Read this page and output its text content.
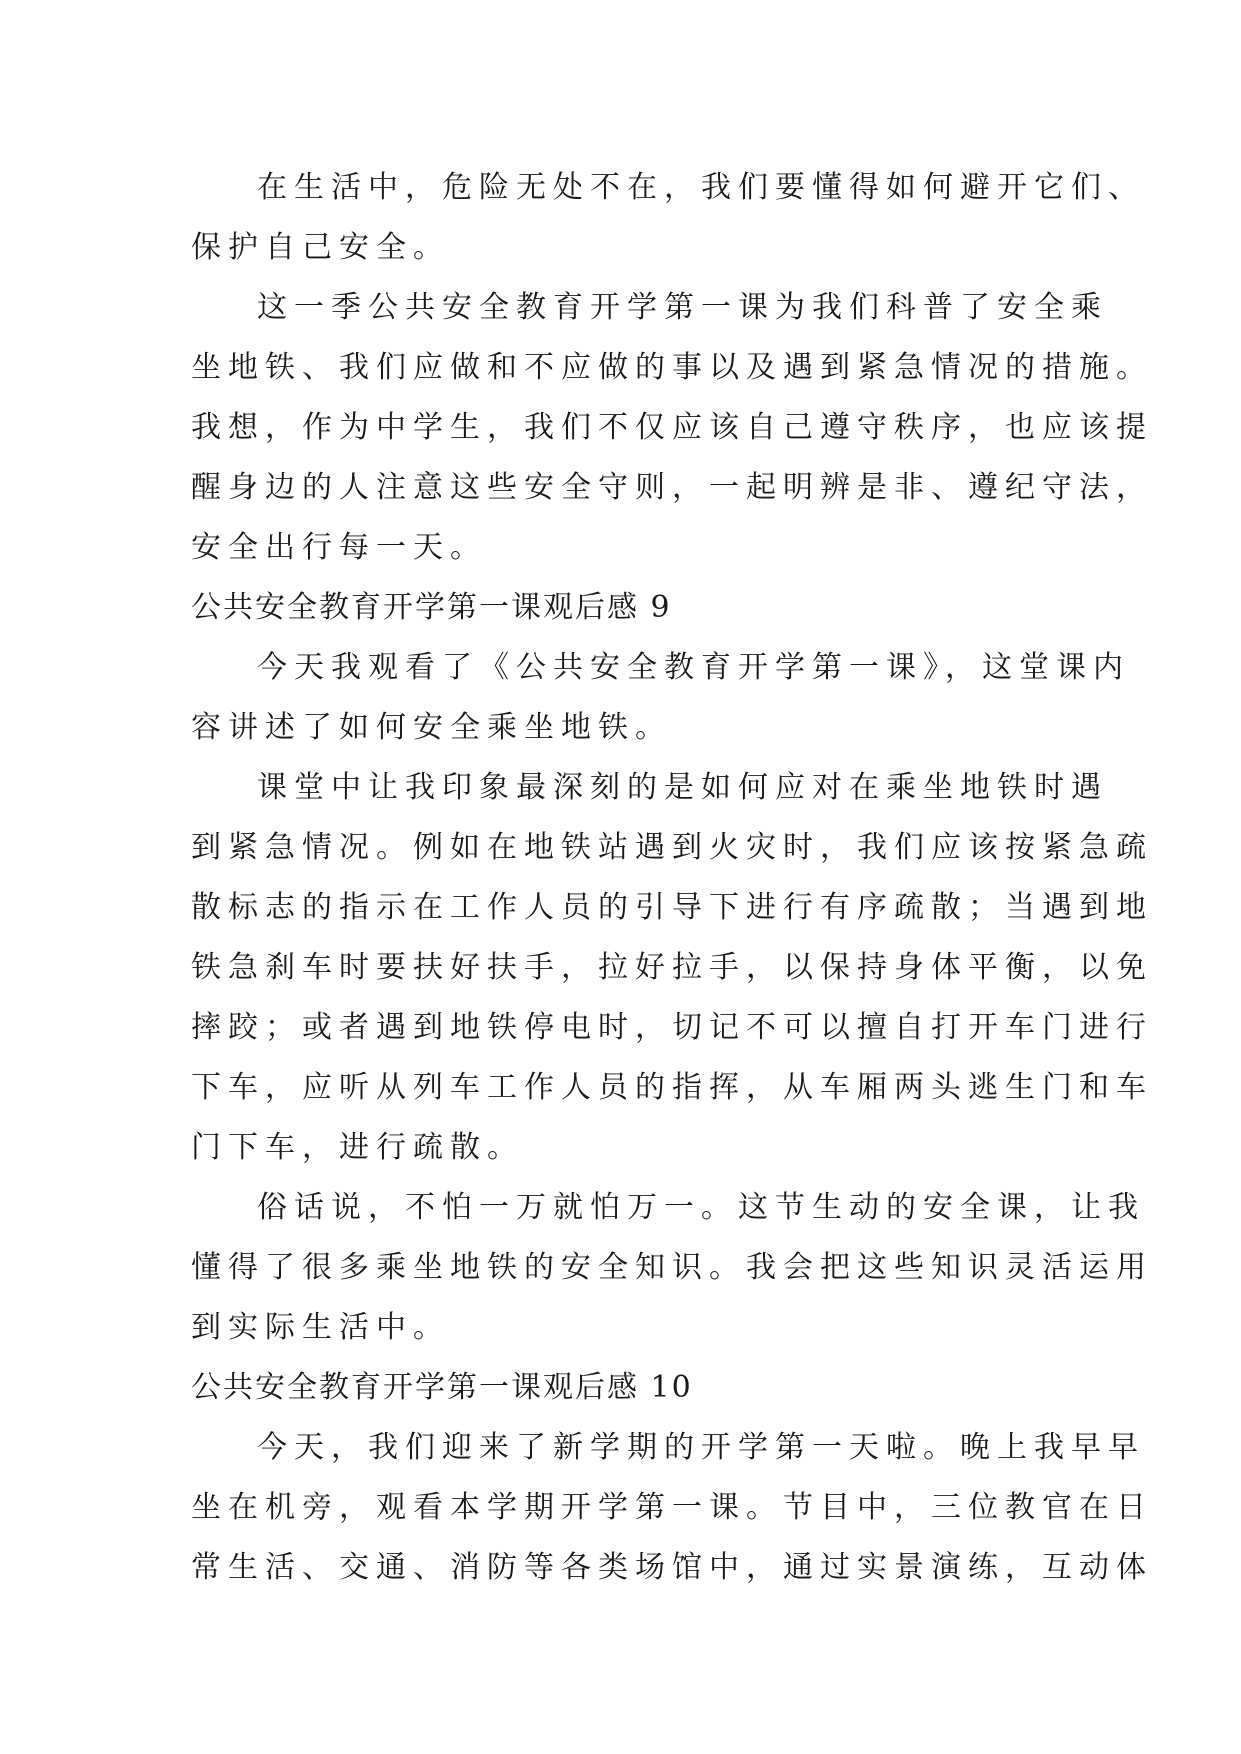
在生活中，危险无处不在，我们要懂得如何避开它们、
保护自己安全。
这一季公共安全教育开学第一课为我们科普了安全乘
坐地铁、我们应做和不应做的事以及遇到紧急情况的措施。
我想，作为中学生，我们不仅应该自己遵守秩序，也应该提
醒身边的人注意这些安全守则，一起明辨是非、遵纪守法，
安全出行每一天。
公共安全教育开学第一课观后感 9
今天我观看了《公共安全教育开学第一课》，这堂课内
容讲述了如何安全乘坐地铁。
课堂中让我印象最深刻的是如何应对在乘坐地铁时遇
到紧急情况。例如在地铁站遇到火灾时，我们应该按紧急疏
散标志的指示在工作人员的引导下进行有序疏散；当遇到地
铁急刹车时要扶好扶手，拉好拉手，以保持身体平衡，以免
摔跤；或者遇到地铁停电时，切记不可以擅自打开车门进行
下车，应听从列车工作人员的指挥，从车厢两头逃生门和车
门下车，进行疏散。
俗话说，不怕一万就怕万一。这节生动的安全课，让我
懂得了很多乘坐地铁的安全知识。我会把这些知识灵活运用
到实际生活中。
公共安全教育开学第一课观后感 10
今天，我们迎来了新学期的开学第一天啦。晚上我早早
坐在机旁，观看本学期开学第一课。节目中，三位教官在日
常生活、交通、消防等各类场馆中，通过实景演练，互动体
